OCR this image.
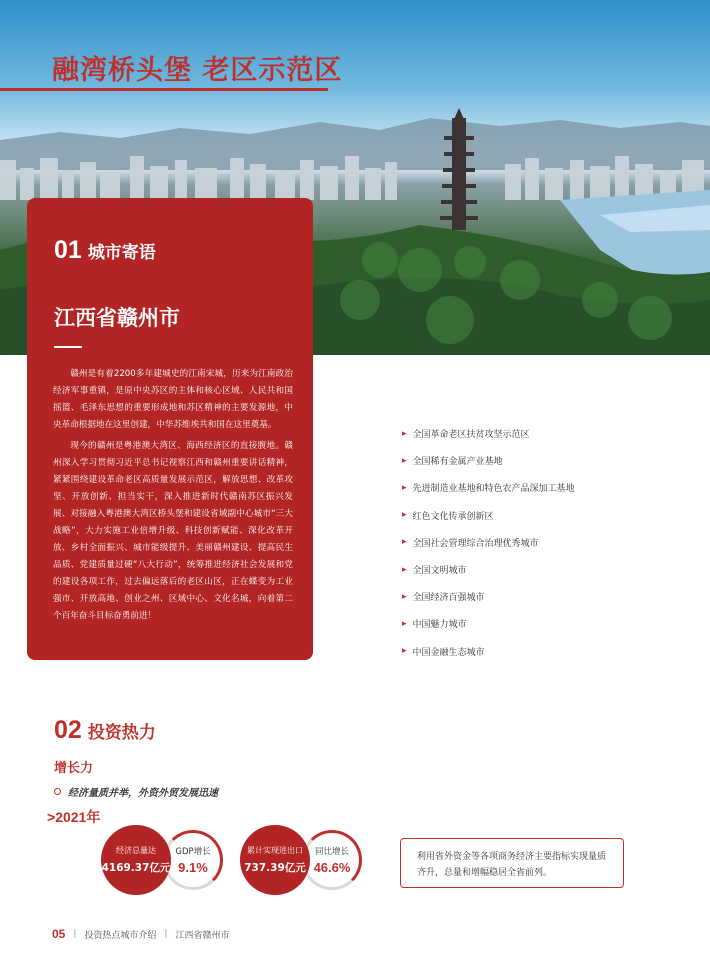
融湾桥头堡 老区示范区
01 城市寄语
江西省赣州市

赣州是有着2200多年建城史的江南宋城，历来为江南政治经济军事重镇，是原中央苏区的主体和核心区域、人民共和国摇篮、毛泽东思想的重要形成地和苏区精神的主要发源地，中央革命根据地在这里创建，中华苏维埃共和国在这里奠基。

现今的赣州是粤港澳大湾区、海西经济区的直接腹地。赣州深入学习贯彻习近平总书记视察江西和赣州重要讲话精神，紧紧围绕建设革命老区高质量发展示范区，解放思想、改革攻坚、开放创新、担当实干，深入推进新时代赣南苏区振兴发展、对接融入粤港澳大湾区桥头堡和建设省域副中心城市“三大战略”，大力实施工业倍增升级、科技创新赋能、深化改革开放、乡村全面振兴、城市能级提升、美丽赣州建设、提高民生品质、党建质量过硬“八大行动”，统筹推进经济社会发展和党的建设各项工作，过去偏远落后的老区山区，正在蝶变为工业强市、开放高地、创业之州、区域中心、文化名城，向着第二个百年奋斗目标奋勇前进！

▸ 全国革命老区扶贫攻坚示范区
▸ 全国稀有金属产业基地
▸ 先进制造业基地和特色农产品深加工基地
▸ 红色文化传承创新区
▸ 全国社会管理综合治理优秀城市
▸ 全国文明城市
▸ 全国经济百强城市
▸ 中国魅力城市
▸ 中国金融生态城市
02 投资热力
增长力
经济量质并举，外资外贸发展迅速
>2021年
GDP增长
9.1%
经济总量达
4169.37亿元
同比增长
46.6%
累计实现进出口
737.39亿元
利用省外资金等各项商务经济主要指标实现量质齐升，总量和增幅稳居全省前列。
05 | 投资热点城市介绍 | 江西省赣州市
